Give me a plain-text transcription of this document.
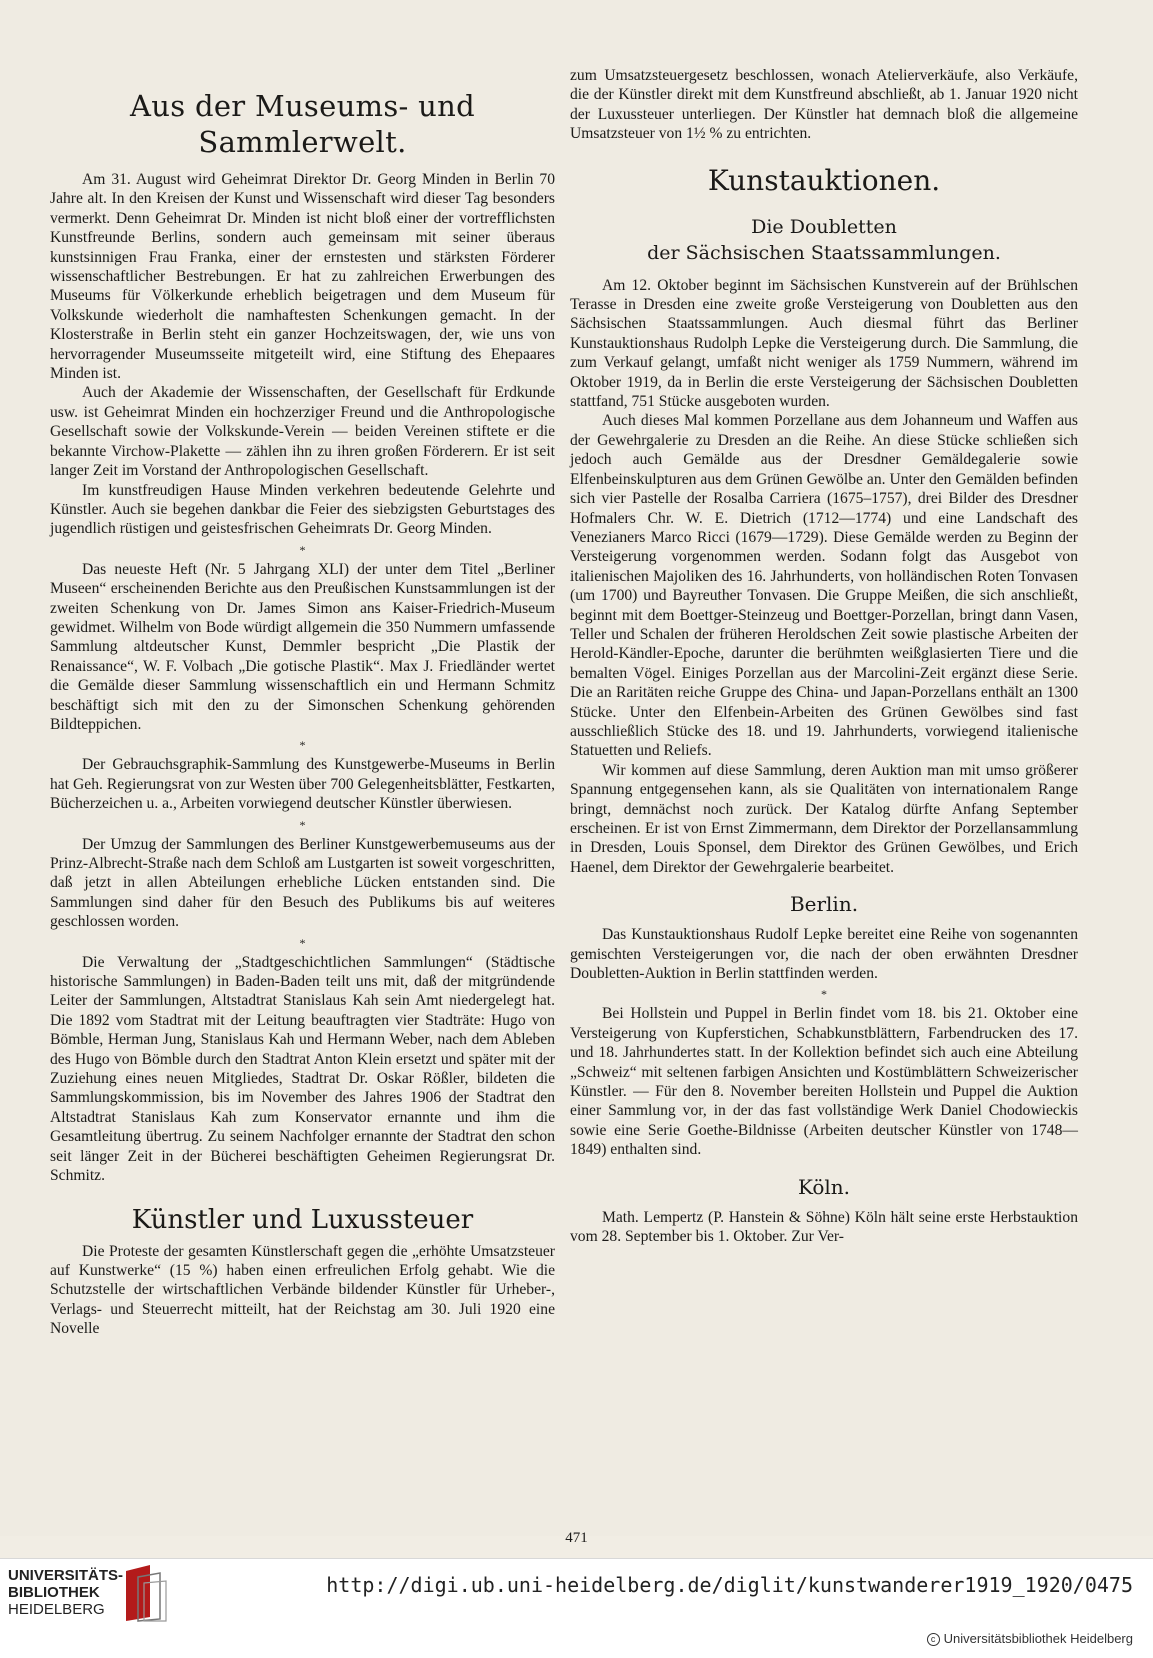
Aus der Museums- und Sammlerwelt.

Am 31. August wird Geheimrat Direktor Dr. Georg Minden in Berlin 70 Jahre alt. In den Kreisen der Kunst und Wissenschaft wird dieser Tag besonders vermerkt. Denn Geheimrat Dr. Minden ist nicht bloß einer der vortrefflichsten Kunstfreunde Berlins, sondern auch gemeinsam mit seiner überaus kunstsinnigen Frau Franka, einer der ernstesten und stärksten Förderer wissenschaftlicher Bestrebungen. Er hat zu zahlreichen Erwerbungen des Museums für Völkerkunde erheblich beigetragen und dem Museum für Volkskunde wiederholt die namhaftesten Schenkungen gemacht. In der Klosterstraße in Berlin steht ein ganzer Hochzeitswagen, der, wie uns von hervorragender Museumsseite mitgeteilt wird, eine Stiftung des Ehepaares Minden ist.

Auch der Akademie der Wissenschaften, der Gesellschaft für Erdkunde usw. ist Geheimrat Minden ein hochzerziger Freund und die Anthropologische Gesellschaft sowie der Volkskunde-Verein — beiden Vereinen stiftete er die bekannte Virchow-Plakette — zählen ihn zu ihren großen Förderern. Er ist seit langer Zeit im Vorstand der Anthropologischen Gesellschaft.

Im kunstfreudigen Hause Minden verkehren bedeutende Gelehrte und Künstler. Auch sie begehen dankbar die Feier des siebzigsten Geburtstages des jugendlich rüstigen und geistesfrischen Geheimrats Dr. Georg Minden.

*

Das neueste Heft (Nr. 5 Jahrgang XLI) der unter dem Titel „Berliner Museen“ erscheinenden Berichte aus den Preußischen Kunstsammlungen ist der zweiten Schenkung von Dr. James Simon ans Kaiser-Friedrich-Museum gewidmet. Wilhelm von Bode würdigt allgemein die 350 Nummern umfassende Sammlung altdeutscher Kunst, Demmler bespricht „Die Plastik der Renaissance“, W. F. Volbach „Die gotische Plastik“. Max J. Friedländer wertet die Gemälde dieser Sammlung wissenschaftlich ein und Hermann Schmitz beschäftigt sich mit den zu der Simonschen Schenkung gehörenden Bildteppichen.

*

Der Gebrauchsgraphik-Sammlung des Kunstgewerbe-Museums in Berlin hat Geh. Regierungsrat von zur Westen über 700 Gelegenheitsblätter, Festkarten, Bücherzeichen u. a., Arbeiten vorwiegend deutscher Künstler überwiesen.

*

Der Umzug der Sammlungen des Berliner Kunstgewerbemuseums aus der Prinz-Albrecht-Straße nach dem Schloß am Lustgarten ist soweit vorgeschritten, daß jetzt in allen Abteilungen erhebliche Lücken entstanden sind. Die Sammlungen sind daher für den Besuch des Publikums bis auf weiteres geschlossen worden.

*

Die Verwaltung der „Stadtgeschichtlichen Sammlungen“ (Städtische historische Sammlungen) in Baden-Baden teilt uns mit, daß der mitgründende Leiter der Sammlungen, Altstadtrat Stanislaus Kah sein Amt niedergelegt hat. Die 1892 vom Stadtrat mit der Leitung beauftragten vier Stadträte: Hugo von Bömble, Herman Jung, Stanislaus Kah und Hermann Weber, nach dem Ableben des Hugo von Bömble durch den Stadtrat Anton Klein ersetzt und später mit der Zuziehung eines neuen Mitgliedes, Stadtrat Dr. Oskar Rößler, bildeten die Sammlungskommission, bis im November des Jahres 1906 der Stadtrat den Altstadtrat Stanislaus Kah zum Konservator ernannte und ihm die Gesamtleitung übertrug. Zu seinem Nachfolger ernannte der Stadtrat den schon seit länger Zeit in der Bücherei beschäftigten Geheimen Regierungsrat Dr. Schmitz.

Künstler und Luxussteuer

Die Proteste der gesamten Künstlerschaft gegen die „erhöhte Umsatzsteuer auf Kunstwerke“ (15 %) haben einen erfreulichen Erfolg gehabt. Wie die Schutzstelle der wirtschaftlichen Verbände bildender Künstler für Urheber-, Verlags- und Steuerrecht mitteilt, hat der Reichstag am 30. Juli 1920 eine Novelle

zum Umsatzsteuergesetz beschlossen, wonach Atelierverkäufe, also Verkäufe, die der Künstler direkt mit dem Kunstfreund abschließt, ab 1. Januar 1920 nicht der Luxussteuer unterliegen. Der Künstler hat demnach bloß die allgemeine Umsatzsteuer von 1½ % zu entrichten.

Kunstauktionen.
Die Doubletten
der Sächsischen Staatssammlungen.

Am 12. Oktober beginnt im Sächsischen Kunstverein auf der Brühlschen Terasse in Dresden eine zweite große Versteigerung von Doubletten aus den Sächsischen Staatssammlungen. Auch diesmal führt das Berliner Kunstauktionshaus Rudolph Lepke die Versteigerung durch. Die Sammlung, die zum Verkauf gelangt, umfaßt nicht weniger als 1759 Nummern, während im Oktober 1919, da in Berlin die erste Versteigerung der Sächsischen Doubletten stattfand, 751 Stücke ausgeboten wurden.

Auch dieses Mal kommen Porzellane aus dem Johanneum und Waffen aus der Gewehrgalerie zu Dresden an die Reihe. An diese Stücke schließen sich jedoch auch Gemälde aus der Dresdner Gemäldegalerie sowie Elfenbeinskulpturen aus dem Grünen Gewölbe an. Unter den Gemälden befinden sich vier Pastelle der Rosalba Carriera (1675–1757), drei Bilder des Dresdner Hofmalers Chr. W. E. Dietrich (1712—1774) und eine Landschaft des Venezianers Marco Ricci (1679—1729). Diese Gemälde werden zu Beginn der Versteigerung vorgenommen werden. Sodann folgt das Ausgebot von italienischen Majoliken des 16. Jahrhunderts, von holländischen Roten Tonvasen (um 1700) und Bayreuther Tonvasen. Die Gruppe Meißen, die sich anschließt, beginnt mit dem Boettger-Steinzeug und Boettger-Porzellan, bringt dann Vasen, Teller und Schalen der früheren Heroldschen Zeit sowie plastische Arbeiten der Herold-Kändler-Epoche, darunter die berühmten weißglasierten Tiere und die bemalten Vögel. Einiges Porzellan aus der Marcolini-Zeit ergänzt diese Serie. Die an Raritäten reiche Gruppe des China- und Japan-Porzellans enthält an 1300 Stücke. Unter den Elfenbein-Arbeiten des Grünen Gewölbes sind fast ausschließlich Stücke des 18. und 19. Jahrhunderts, vorwiegend italienische Statuetten und Reliefs.

Wir kommen auf diese Sammlung, deren Auktion man mit umso größerer Spannung entgegensehen kann, als sie Qualitäten von internationalem Range bringt, demnächst noch zurück. Der Katalog dürfte Anfang September erscheinen. Er ist von Ernst Zimmermann, dem Direktor der Porzellansammlung in Dresden, Louis Sponsel, dem Direktor des Grünen Gewölbes, und Erich Haenel, dem Direktor der Gewehrgalerie bearbeitet.

Berlin.

Das Kunstauktionshaus Rudolf Lepke bereitet eine Reihe von sogenannten gemischten Versteigerungen vor, die nach der oben erwähnten Dresdner Doubletten-Auktion in Berlin stattfinden werden.

*

Bei Hollstein und Puppel in Berlin findet vom 18. bis 21. Oktober eine Versteigerung von Kupferstichen, Schabkunstblättern, Farbendrucken des 17. und 18. Jahrhundertes statt. In der Kollektion befindet sich auch eine Abteilung „Schweiz“ mit seltenen farbigen Ansichten und Kostümblättern Schweizerischer Künstler. — Für den 8. November bereiten Hollstein und Puppel die Auktion einer Sammlung vor, in der das fast vollständige Werk Daniel Chodowieckis sowie eine Serie Goethe-Bildnisse (Arbeiten deutscher Künstler von 1748—1849) enthalten sind.

Köln.

Math. Lempertz (P. Hanstein & Söhne) Köln hält seine erste Herbstauktion vom 28. September bis 1. Oktober. Zur Ver-

471
UNIVERSITÄTS-
BIBLIOTHEK
HEIDELBERG
http://digi.ub.uni-heidelberg.de/diglit/kunstwanderer1919_1920/0475
c Universitätsbibliothek Heidelberg
